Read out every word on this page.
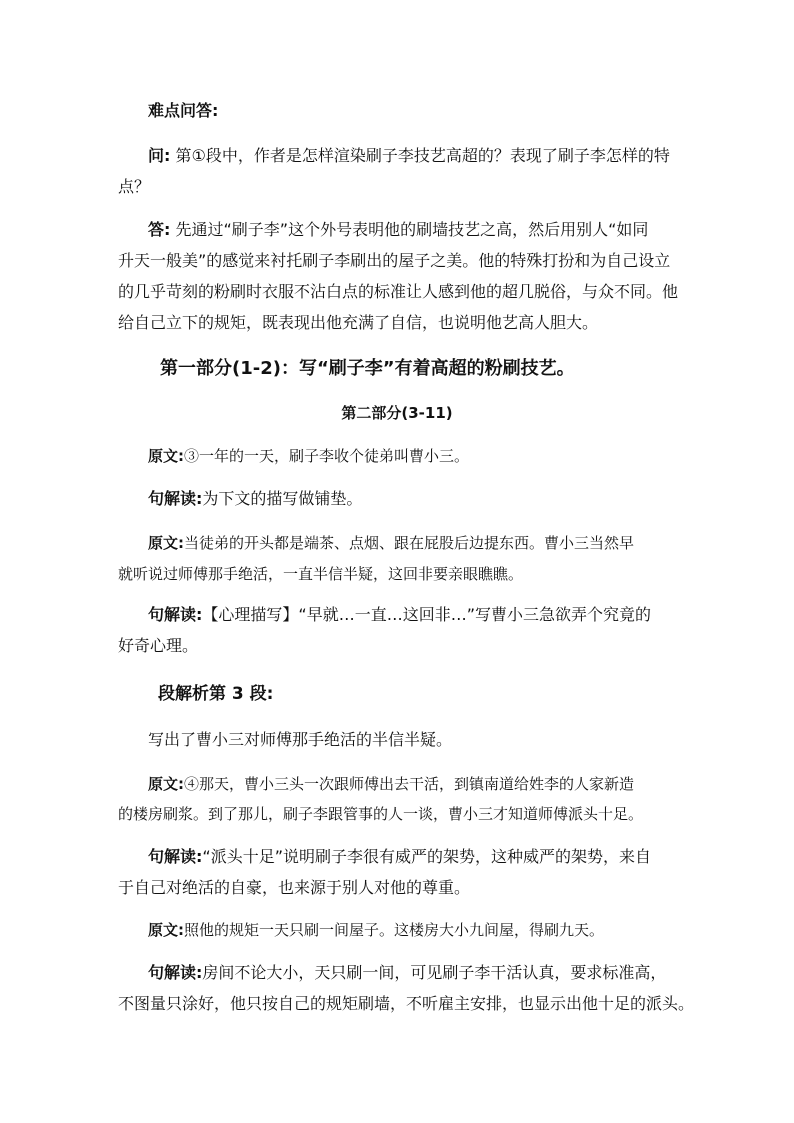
难点问答:
问: 第①段中，作者是怎样渲染刷子李技艺高超的？表现了刷子李怎样的特
点？
答: 先通过“刷子李”这个外号表明他的刷墙技艺之高，然后用别人“如同
升天一般美”的感觉来衬托刷子李刷出的屋子之美。他的特殊打扮和为自己设立
的几乎苛刻的粉刷时衣服不沾白点的标准让人感到他的超几脱俗，与众不同。他
给自己立下的规矩，既表现出他充满了自信，也说明他艺高人胆大。
第一部分(1-2)：写“刷子李”有着高超的粉刷技艺。
第二部分(3-11)
原文:③一年的一天，刷子李收个徒弟叫曹小三。
句解读:为下文的描写做铺垫。
原文:当徒弟的开头都是端茶、点烟、跟在屁股后边提东西。曹小三当然早
就听说过师傅那手绝活，一直半信半疑，这回非要亲眼瞧瞧。
句解读:【心理描写】“早就…一直…这回非…”写曹小三急欲弄个究竟的
好奇心理。
段解析第 3 段:
写出了曹小三对师傅那手绝活的半信半疑。
原文:④那天，曹小三头一次跟师傅出去干活，到镇南道给姓李的人家新造
的楼房刷浆。到了那儿，刷子李跟管事的人一谈，曹小三才知道师傅派头十足。
句解读:“派头十足”说明刷子李很有威严的架势，这种威严的架势，来自
于自己对绝活的自豪，也来源于别人对他的尊重。
原文:照他的规矩一天只刷一间屋子。这楼房大小九间屋，得刷九天。
句解读:房间不论大小，天只刷一间，可见刷子李干活认真，要求标准高，
不图量只涂好，他只按自己的规矩刷墙，不听雇主安排，也显示出他十足的派头。
